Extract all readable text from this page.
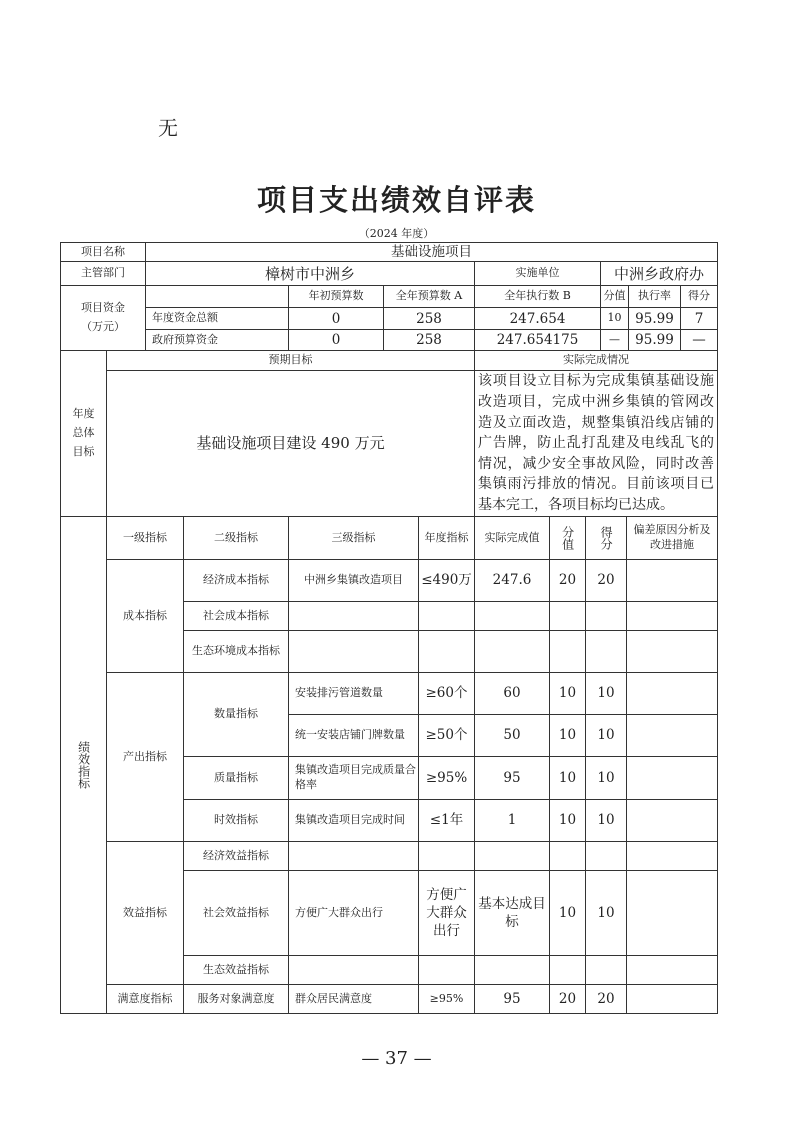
无
项目支出绩效自评表
（2024 年度）
项目名称	基础设施项目						
主管部门	樟树市中洲乡			实施单位	中洲乡政府办		

项目资金
（万元）		年初预算数	全年预算数 A	全年执行数 B	分值	执行率	得分
	年度资金总额	0	258	247.654	10	95.99	7
	政府预算资金	0	258	247.654175	—	95.99	—
年度
总体
目标	预期目标	实际完成情况
	基础设施项目建设 490 万元	该项目设立目标为完成集镇基础设施改造项目，完成中洲乡集镇的管网改造及立面改造，规整集镇沿线店铺的广告牌，防止乱打乱建及电线乱飞的情况，减少安全事故风险，同时改善集镇雨污排放的情况。目前该项目已基本完工，各项目标均已达成。
绩效指标	一级指标	二级指标	三级指标	年度指标	实际完成值	分值	得分	偏差原因分析及改进措施
	成本指标	经济成本指标	中洲乡集镇改造项目	≤490万	247.6	20	20	
		社会成本指标						
		生态环境成本指标						
	产出指标	数量指标	安装排污管道数量	≥60个	60	10	10	
			统一安装店铺门牌数量	≥50个	50	10	10	
		质量指标	集镇改造项目完成质量合格率	≥95%	95	10	10	
		时效指标	集镇改造项目完成时间	≤1年	1	10	10	
	效益指标	经济效益指标						
		社会效益指标	方便广大群众出行	方便广大群众出行	基本达成目标	10	10	
		生态效益指标						
	满意度指标	服务对象满意度	群众居民满意度	≥95%	95	20	20	
— 37 —
